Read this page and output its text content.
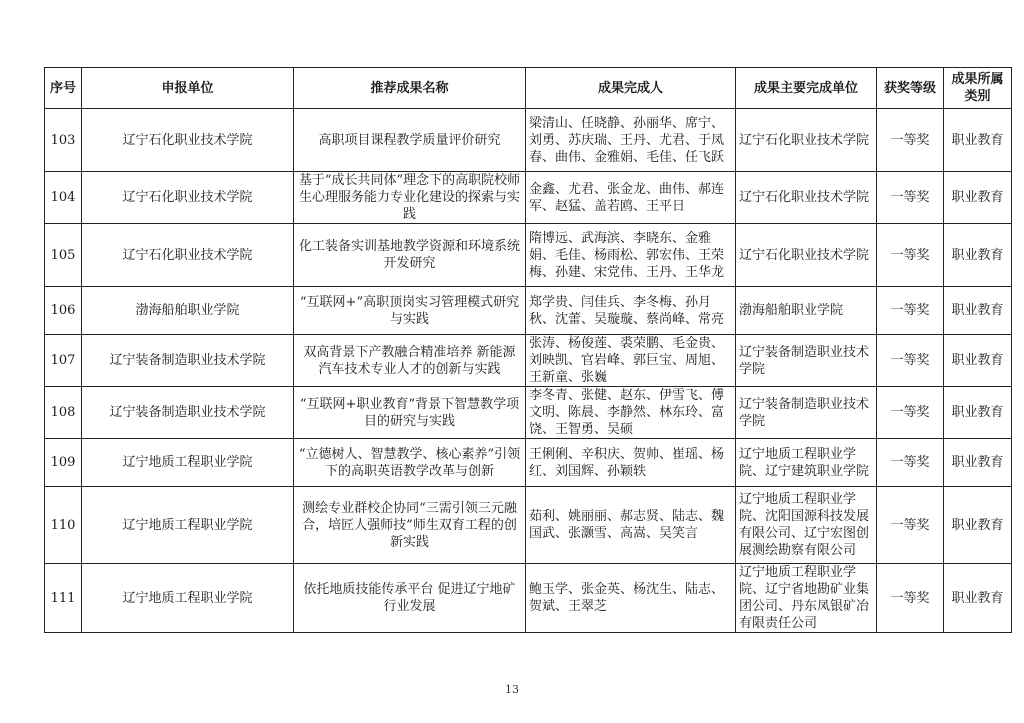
序号	申报单位	推荐成果名称	成果完成人	成果主要完成单位	获奖等级	成果所属类别
103	辽宁石化职业技术学院	高职项目课程教学质量评价研究	梁清山、任晓静、孙丽华、席宁、刘勇、苏庆瑞、王丹、尤君、于凤春、曲伟、金雅娟、毛佳、任飞跃	辽宁石化职业技术学院	一等奖	职业教育
104	辽宁石化职业技术学院	基于“成长共同体”理念下的高职院校师生心理服务能力专业化建设的探索与实践	金鑫、尤君、张金龙、曲伟、郝连军、赵猛、盖若鸥、王平日	辽宁石化职业技术学院	一等奖	职业教育
105	辽宁石化职业技术学院	化工装备实训基地教学资源和环境系统开发研究	隋博远、武海滨、李晓东、金雅娟、毛佳、杨雨松、郭宏伟、王荣梅、孙建、宋党伟、王丹、王华龙	辽宁石化职业技术学院	一等奖	职业教育
106	渤海船舶职业学院	“互联网+”高职顶岗实习管理模式研究与实践	郑学贵、闫佳兵、李冬梅、孙月秋、沈蕾、吴璇璇、蔡尚峰、常亮	渤海船舶职业学院	一等奖	职业教育
107	辽宁装备制造职业技术学院	双高背景下产教融合精准培养 新能源汽车技术专业人才的创新与实践	张涛、杨俊莲、裘荣鹏、毛金贵、刘映凯、官岩峰、郭巨宝、周旭、王新童、张巍	辽宁装备制造职业技术学院	一等奖	职业教育
108	辽宁装备制造职业技术学院	“互联网+职业教育”背景下智慧教学项目的研究与实践	李冬青、张健、赵东、伊雪飞、傅文明、陈晨、李静然、林东玲、富饶、王智勇、吴硕	辽宁装备制造职业技术学院	一等奖	职业教育
109	辽宁地质工程职业学院	“立德树人、智慧教学、核心素养”引领下的高职英语教学改革与创新	王俐俐、辛积庆、贺帅、崔瑶、杨红、刘国辉、孙颖轶	辽宁地质工程职业学院、辽宁建筑职业学院	一等奖	职业教育
110	辽宁地质工程职业学院	测绘专业群校企协同“三需引领三元融合，培匠人强师技”师生双育工程的创新实践	茹利、姚丽丽、郝志贤、陆志、魏国武、张灏雪、高嵩、吴笑言	辽宁地质工程职业学院、沈阳国源科技发展有限公司、辽宁宏图创展测绘勘察有限公司	一等奖	职业教育
111	辽宁地质工程职业学院	依托地质技能传承平台 促进辽宁地矿行业发展	鲍玉学、张金英、杨沈生、陆志、贺斌、王翠芝	辽宁地质工程职业学院、辽宁省地勘矿业集团公司、丹东凤银矿冶有限责任公司	一等奖	职业教育
13
